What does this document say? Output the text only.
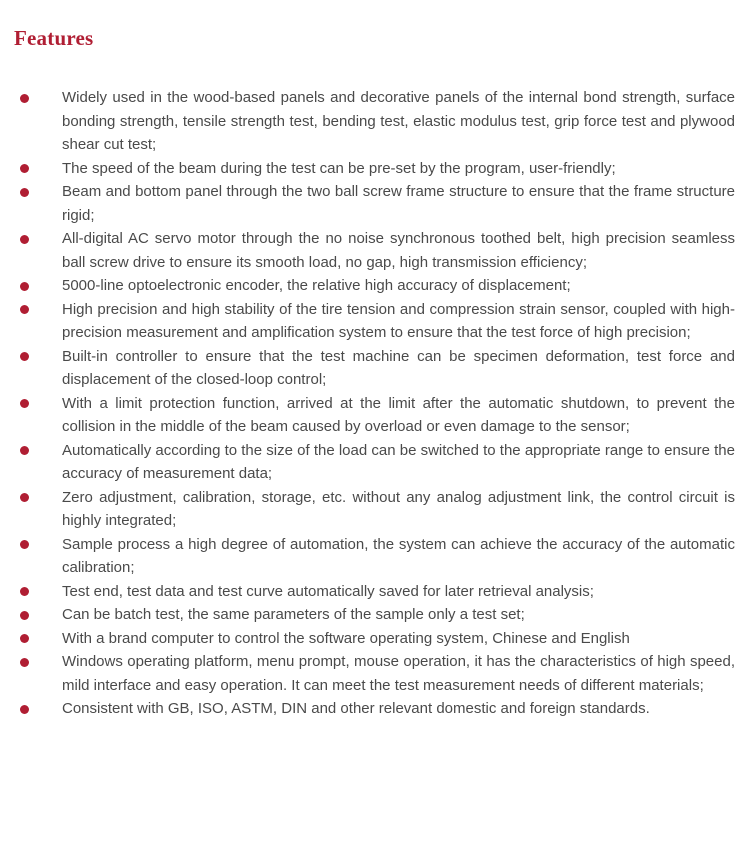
Features

Widely used in the wood-based panels and decorative panels of the internal bond strength, surface bonding strength, tensile strength test, bending test, elastic modulus test, grip force test and plywood shear cut test;

The speed of the beam during the test can be pre-set by the program, user-friendly;

Beam and bottom panel through the two ball screw frame structure to ensure that the frame structure rigid;

All-digital AC servo motor through the no noise synchronous toothed belt, high precision seamless ball screw drive to ensure its smooth load, no gap, high transmission efficiency;

5000-line optoelectronic encoder, the relative high accuracy of displacement;

High precision and high stability of the tire tension and compression strain sensor, coupled with high-precision measurement and amplification system to ensure that the test force of high precision;

Built-in controller to ensure that the test machine can be specimen deformation, test force and displacement of the closed-loop control;

With a limit protection function, arrived at the limit after the automatic shutdown, to prevent the collision in the middle of the beam caused by overload or even damage to the sensor;

Automatically according to the size of the load can be switched to the appropriate range to ensure the accuracy of measurement data;

Zero adjustment, calibration, storage, etc. without any analog adjustment link, the control circuit is highly integrated;

Sample process a high degree of automation, the system can achieve the accuracy of the automatic calibration;

Test end, test data and test curve automatically saved for later retrieval analysis;

Can be batch test, the same parameters of the sample only a test set;

With a brand computer to control the software operating system, Chinese and English

Windows operating platform, menu prompt, mouse operation, it has the characteristics of high speed, mild interface and easy operation. It can meet the test measurement needs of different materials;

Consistent with GB, ISO, ASTM, DIN and other relevant domestic and foreign standards.
